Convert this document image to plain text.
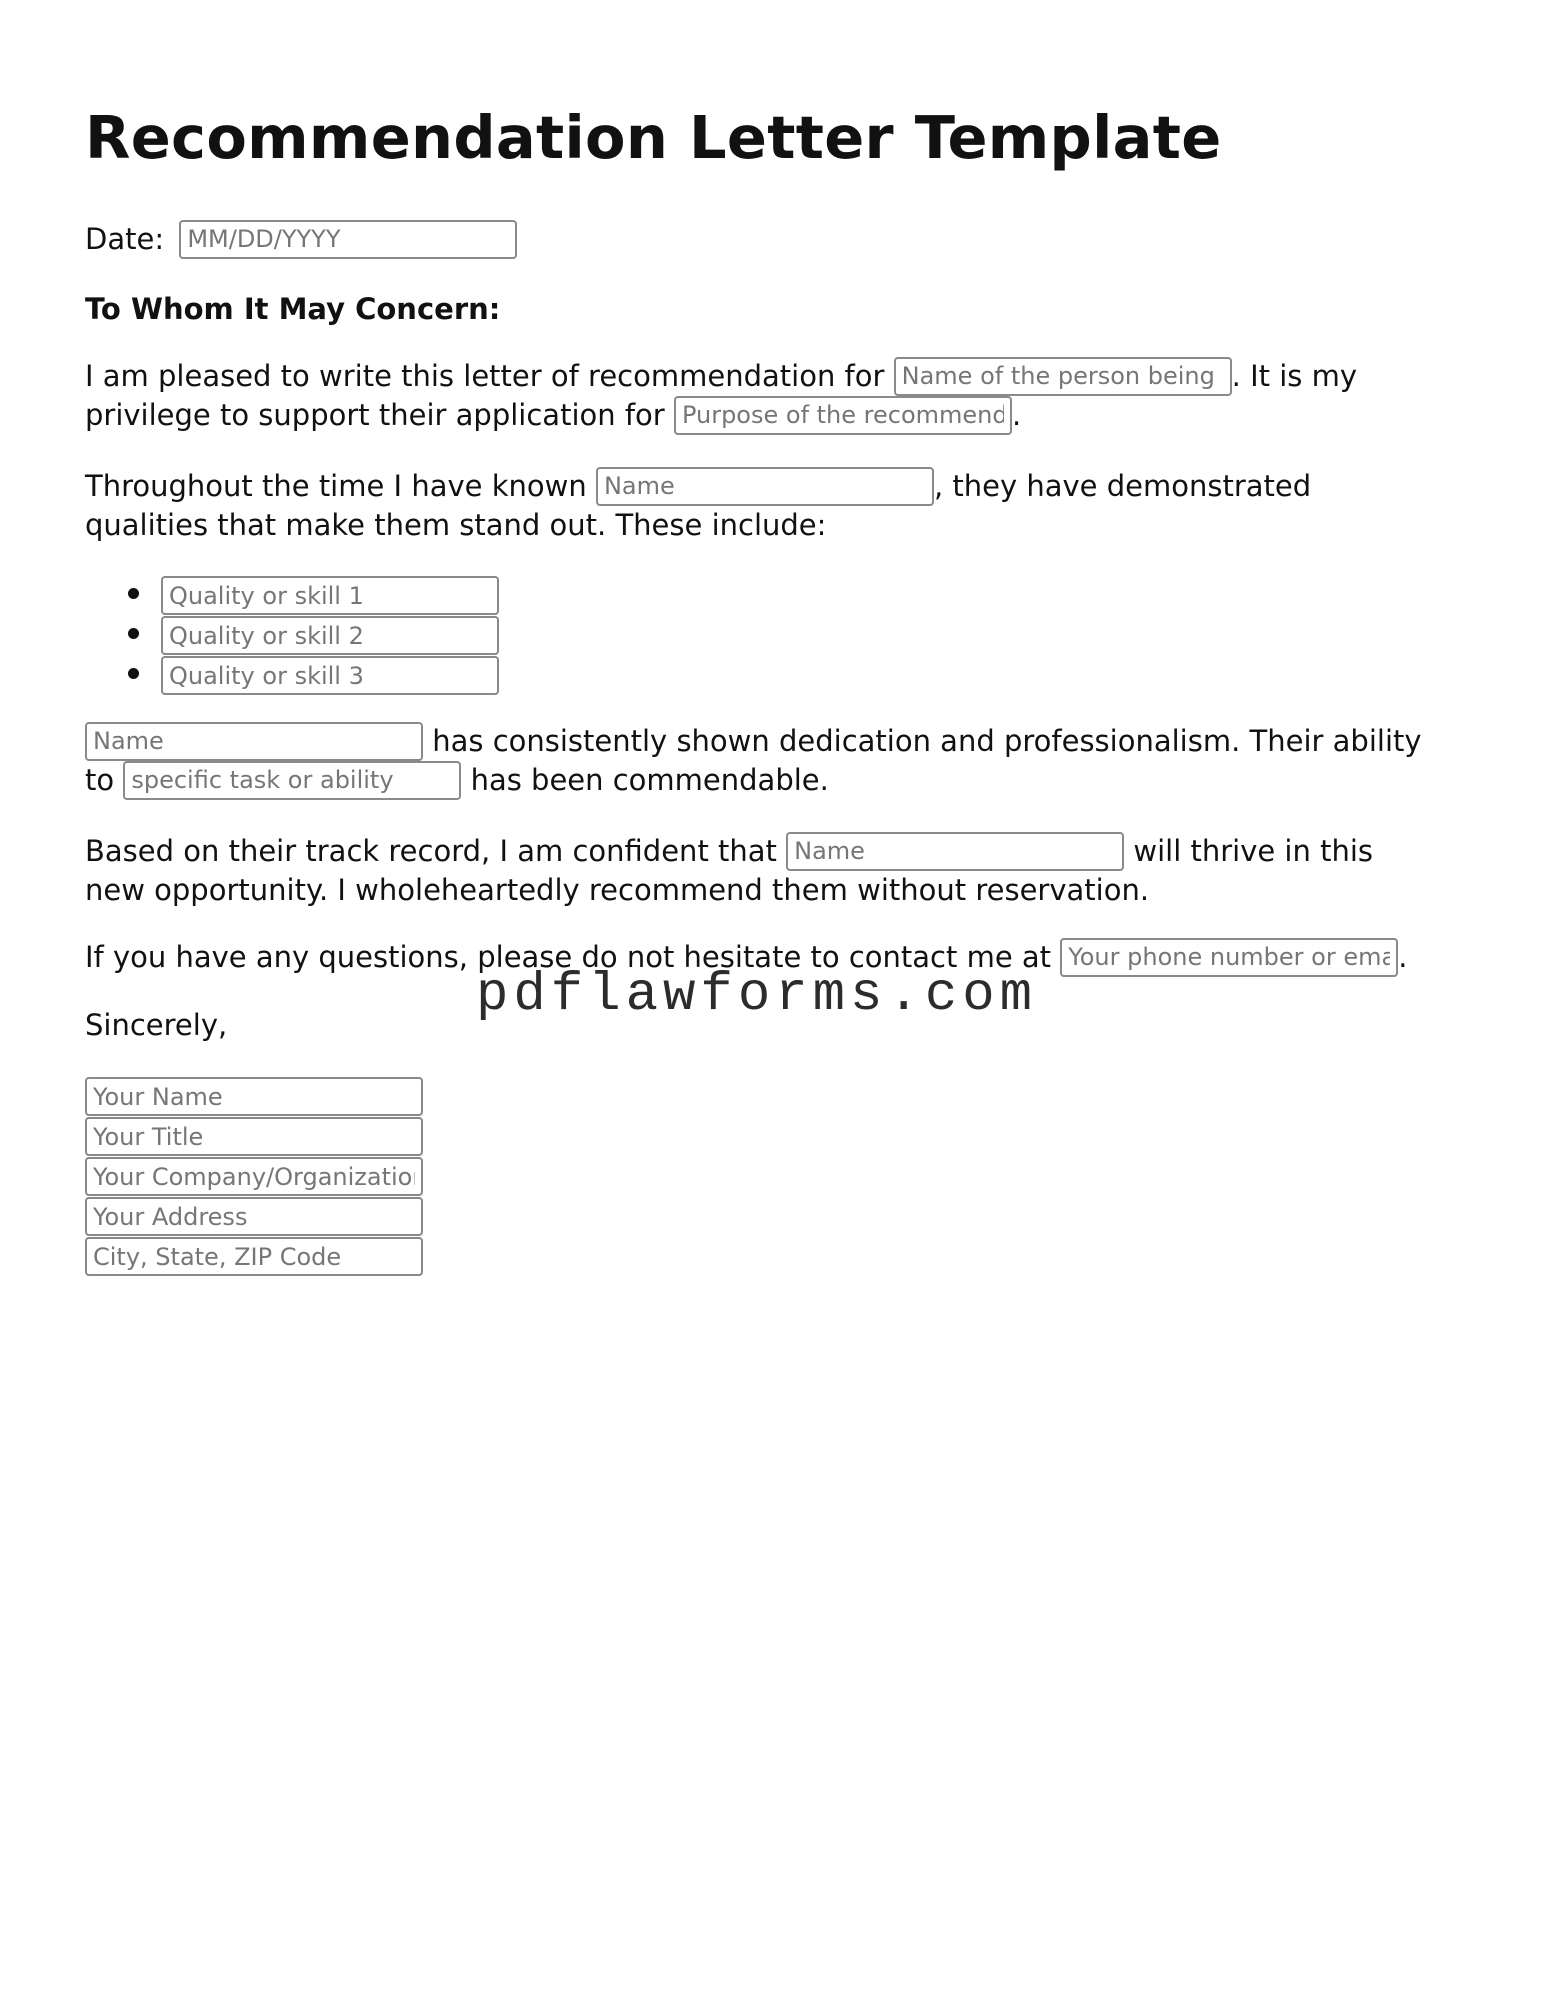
Recommendation Letter Template
Date: MM/DD/YYYY
To Whom It May Concern:
I am pleased to write this letter of recommendation for Name of the person being	. It is my
privilege to support their application for Purpose of the recommendation	.
Throughout the time I have known Name	, they have demonstrated
qualities that make them stand out. These include:
Quality or skill 1
Quality or skill 2
Quality or skill 3
Name has consistently shown dedication and professionalism. Their ability
to specific task or ability	has been commendable.
Based on their track record, I am confident that Name	will thrive in this
new opportunity. I wholeheartedly recommend them without reservation.
If you have any questions, please do not hesitate to contact me at Your phone number or email	.
Sincerely,
Your Name
Your Title
Your Company/Organization
Your Address
City, State, ZIP Code	pdflawforms.com
